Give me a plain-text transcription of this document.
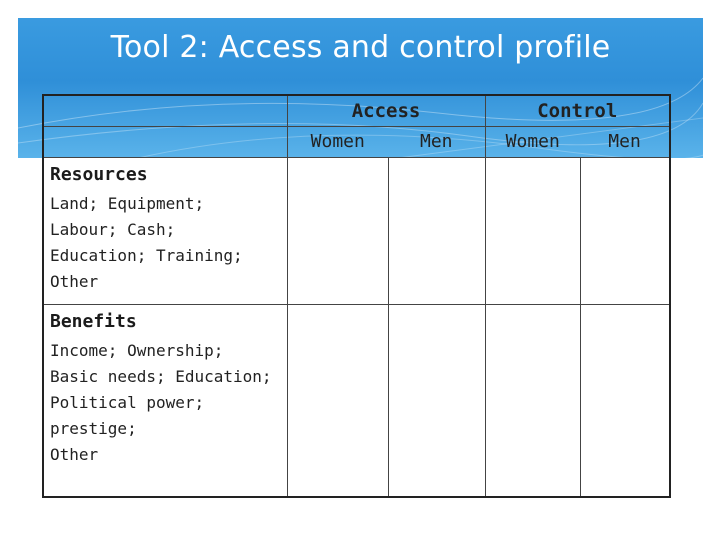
Tool 2: Access and control profile
	Access		Control	
	Women	Men	Women	Men

Resources
Land; Equipment;
Labour; Cash;
Education; Training;
Other				

Benefits
Income; Ownership;
Basic needs; Education;
Political power; prestige;
Other				
